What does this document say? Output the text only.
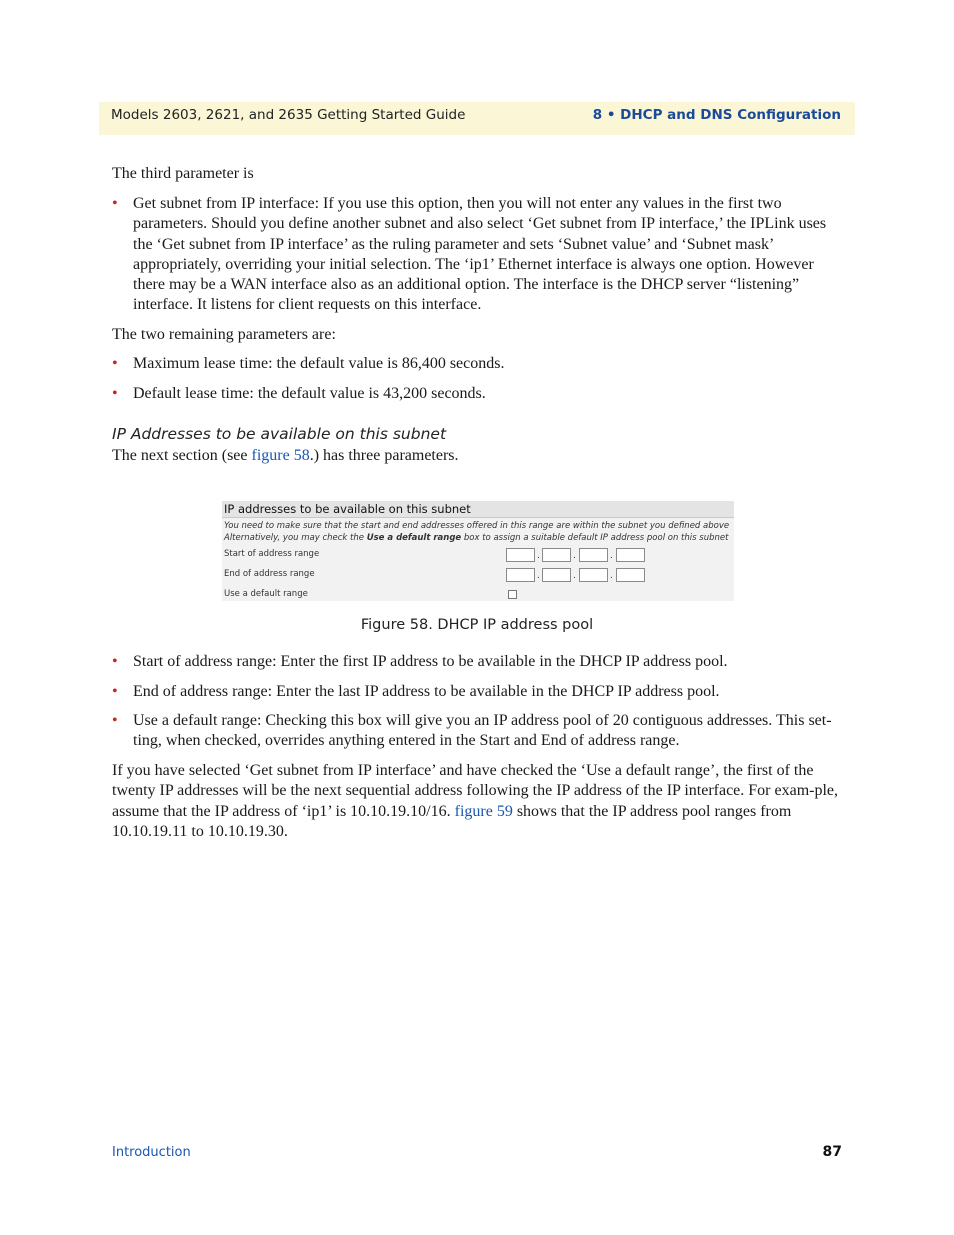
Models 2603, 2621, and 2635 Getting Started Guide	8 • DHCP and DNS Configuration
The third parameter is
• Get subnet from IP interface: If you use this option, then you will not enter any values in the first two parameters. Should you define another subnet and also select ‘Get subnet from IP interface,’ the IPLink uses the ‘Get subnet from IP interface’ as the ruling parameter and sets ‘Subnet value’ and ‘Subnet mask’ appropriately, overriding your initial selection. The ‘ip1’ Ethernet interface is always one option. However there may be a WAN interface also as an additional option. The interface is the DHCP server “listening” interface. It listens for client requests on this interface.
The two remaining parameters are:
• Maximum lease time: the default value is 86,400 seconds.
• Default lease time: the default value is 43,200 seconds.
IP Addresses to be available on this subnet
The next section (see figure 58.) has three parameters.
IP addresses to be available on this subnet
You need to make sure that the start and end addresses offered in this range are within the subnet you defined above
Alternatively, you may check the Use a default range box to assign a suitable default IP address pool on this subnet
Start of address range	.	.	.
End of address range	.	.	.
Use a default range
Figure 58. DHCP IP address pool
• Start of address range: Enter the first IP address to be available in the DHCP IP address pool.
• End of address range: Enter the last IP address to be available in the DHCP IP address pool.
• Use a default range: Checking this box will give you an IP address pool of 20 contiguous addresses. This set-ting, when checked, overrides anything entered in the Start and End of address range.
If you have selected ‘Get subnet from IP interface’ and have checked the ‘Use a default range’, the first of the twenty IP addresses will be the next sequential address following the IP address of the IP interface. For exam-ple, assume that the IP address of ‘ip1’ is 10.10.19.10/16. figure 59 shows that the IP address pool ranges from 10.10.19.11 to 10.10.19.30.
Introduction	87
